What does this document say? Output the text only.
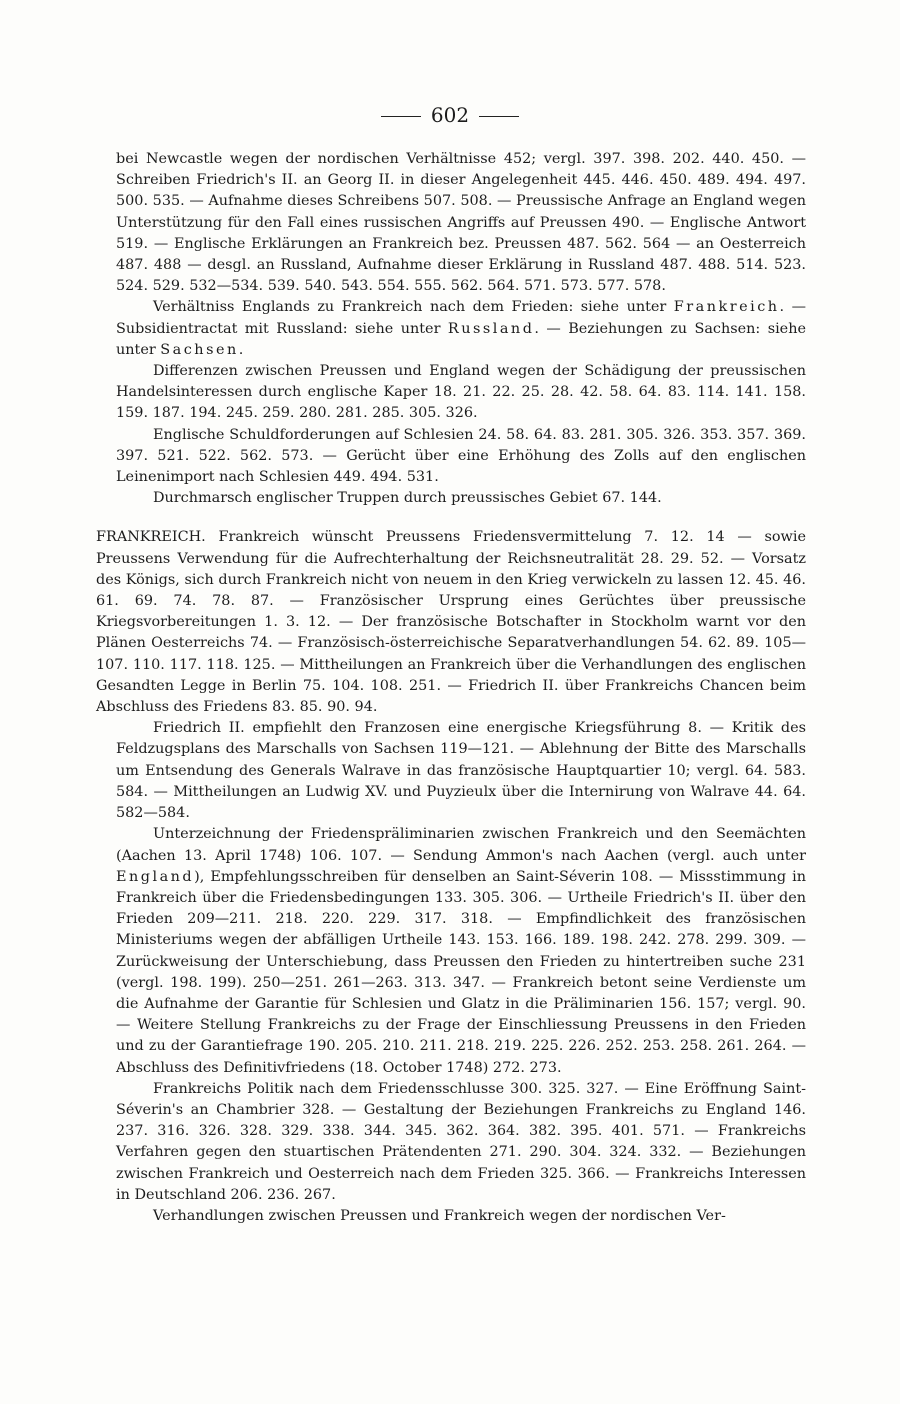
602

bei Newcastle wegen der nordischen Verhältnisse 452; vergl. 397. 398. 202. 440. 450. — Schreiben Friedrich's II. an Georg II. in dieser Angelegenheit 445. 446. 450. 489. 494. 497. 500. 535. — Aufnahme dieses Schreibens 507. 508. — Preussische Anfrage an England wegen Unterstützung für den Fall eines russischen Angriffs auf Preussen 490. — Englische Antwort 519. — Englische Erklärungen an Frankreich bez. Preussen 487. 562. 564 — an Oesterreich 487. 488 — desgl. an Russland, Aufnahme dieser Erklärung in Russland 487. 488. 514. 523. 524. 529. 532—534. 539. 540. 543. 554. 555. 562. 564. 571. 573. 577. 578.

Verhältniss Englands zu Frankreich nach dem Frieden: siehe unter Frankreich. — Subsidientractat mit Russland: siehe unter Russland. — Beziehungen zu Sachsen: siehe unter Sachsen.

Differenzen zwischen Preussen und England wegen der Schädigung der preussischen Handelsinteressen durch englische Kaper 18. 21. 22. 25. 28. 42. 58. 64. 83. 114. 141. 158. 159. 187. 194. 245. 259. 280. 281. 285. 305. 326.

Englische Schuldforderungen auf Schlesien 24. 58. 64. 83. 281. 305. 326. 353. 357. 369. 397. 521. 522. 562. 573. — Gerücht über eine Erhöhung des Zolls auf den englischen Leinenimport nach Schlesien 449. 494. 531.

Durchmarsch englischer Truppen durch preussisches Gebiet 67. 144.

FRANKREICH. Frankreich wünscht Preussens Friedensvermittelung 7. 12. 14 — sowie Preussens Verwendung für die Aufrechterhaltung der Reichsneutralität 28. 29. 52. — Vorsatz des Königs, sich durch Frankreich nicht von neuem in den Krieg verwickeln zu lassen 12. 45. 46. 61. 69. 74. 78. 87. — Französischer Ursprung eines Gerüchtes über preussische Kriegsvorbereitungen 1. 3. 12. — Der französische Botschafter in Stockholm warnt vor den Plänen Oesterreichs 74. — Französisch-österreichische Separatverhandlungen 54. 62. 89. 105—107. 110. 117. 118. 125. — Mittheilungen an Frankreich über die Verhandlungen des englischen Gesandten Legge in Berlin 75. 104. 108. 251. — Friedrich II. über Frankreichs Chancen beim Abschluss des Friedens 83. 85. 90. 94.

Friedrich II. empfiehlt den Franzosen eine energische Kriegsführung 8. — Kritik des Feldzugsplans des Marschalls von Sachsen 119—121. — Ablehnung der Bitte des Marschalls um Entsendung des Generals Walrave in das französische Hauptquartier 10; vergl. 64. 583. 584. — Mittheilungen an Ludwig XV. und Puyzieulx über die Internirung von Walrave 44. 64. 582—584.

Unterzeichnung der Friedenspräliminarien zwischen Frankreich und den Seemächten (Aachen 13. April 1748) 106. 107. — Sendung Ammon's nach Aachen (vergl. auch unter England), Empfehlungsschreiben für denselben an Saint-Séverin 108. — Missstimmung in Frankreich über die Friedensbedingungen 133. 305. 306. — Urtheile Friedrich's II. über den Frieden 209—211. 218. 220. 229. 317. 318. — Empfindlichkeit des französischen Ministeriums wegen der abfälligen Urtheile 143. 153. 166. 189. 198. 242. 278. 299. 309. — Zurückweisung der Unterschiebung, dass Preussen den Frieden zu hintertreiben suche 231 (vergl. 198. 199). 250—251. 261—263. 313. 347. — Frankreich betont seine Verdienste um die Aufnahme der Garantie für Schlesien und Glatz in die Präliminarien 156. 157; vergl. 90. — Weitere Stellung Frankreichs zu der Frage der Einschliessung Preussens in den Frieden und zu der Garantiefrage 190. 205. 210. 211. 218. 219. 225. 226. 252. 253. 258. 261. 264. — Abschluss des Definitivfriedens (18. October 1748) 272. 273.

Frankreichs Politik nach dem Friedensschlusse 300. 325. 327. — Eine Eröffnung Saint-Séverin's an Chambrier 328. — Gestaltung der Beziehungen Frankreichs zu England 146. 237. 316. 326. 328. 329. 338. 344. 345. 362. 364. 382. 395. 401. 571. — Frankreichs Verfahren gegen den stuartischen Prätendenten 271. 290. 304. 324. 332. — Beziehungen zwischen Frankreich und Oesterreich nach dem Frieden 325. 366. — Frankreichs Interessen in Deutschland 206. 236. 267.

Verhandlungen zwischen Preussen und Frankreich wegen der nordischen Ver-
